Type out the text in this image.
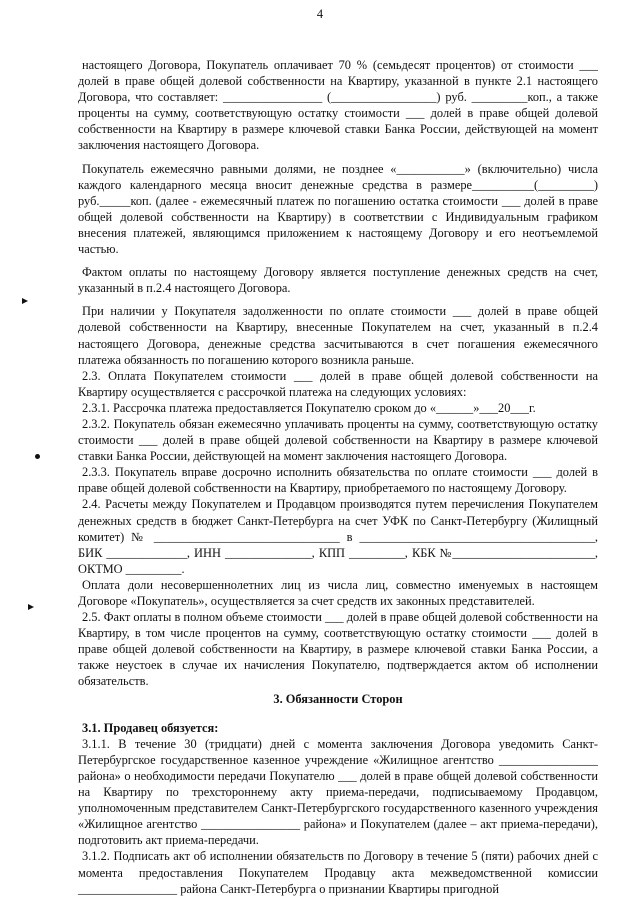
4

настоящего Договора, Покупатель оплачивает 70 % (семьдесят процентов) от стоимости ___ долей в праве общей долевой собственности на Квартиру, указанной в пункте 2.1 настоящего Договора, что составляет: ________________ (_________________) руб. _________коп., а также проценты на сумму, соответствующую остатку стоимости ___ долей в праве общей долевой собственности на Квартиру в размере ключевой ставки Банка России, действующей на момент заключения настоящего Договора.

Покупатель ежемесячно равными долями, не позднее «___________» (включительно) числа каждого календарного месяца вносит денежные средства в размере__________(_________) руб._____коп. (далее - ежемесячный платеж по погашению остатка стоимости ___ долей в праве общей долевой собственности на Квартиру) в соответствии с Индивидуальным графиком внесения платежей, являющимся приложением к настоящему Договору и его неотъемлемой частью.

Фактом оплаты по настоящему Договору является поступление денежных средств на счет, указанный в п.2.4 настоящего Договора.

При наличии у Покупателя задолженности по оплате стоимости ___ долей в праве общей долевой собственности на Квартиру, внесенные Покупателем на счет, указанный в п.2.4 настоящего Договора, денежные средства засчитываются в счет погашения ежемесячного платежа обязанность по погашению которого возникла раньше.

2.3. Оплата Покупателем стоимости ___ долей в праве общей долевой собственности на Квартиру осуществляется с рассрочкой платежа на следующих условиях:

2.3.1. Рассрочка платежа предоставляется Покупателю сроком до «______»___20___г.

2.3.2. Покупатель обязан ежемесячно уплачивать проценты на сумму, соответствующую остатку стоимости ___ долей в праве общей долевой собственности на Квартиру в размере ключевой ставки Банка России, действующей на момент заключения настоящего Договора.

2.3.3. Покупатель вправе досрочно исполнить обязательства по оплате стоимости ___ долей в праве общей долевой собственности на Квартиру, приобретаемого по настоящему Договору.

2.4. Расчеты между Покупателем и Продавцом производятся путем перечисления Покупателем денежных средств в бюджет Санкт-Петербурга на счет УФК по Санкт-Петербургу (Жилищный комитет) № ______________________________ в ______________________________________, БИК _____________, ИНН ______________, КПП _________, КБК №_______________________, ОКТМО _________.

Оплата доли несовершеннолетних лиц из числа лиц, совместно именуемых в настоящем Договоре «Покупатель», осуществляется за счет средств их законных представителей.

2.5. Факт оплаты в полном объеме стоимости ___ долей в праве общей долевой собственности на Квартиру, в том числе процентов на сумму, соответствующую остатку стоимости ___ долей в праве общей долевой собственности на Квартиру, в размере ключевой ставки Банка России, а также неустоек в случае их начисления Покупателю, подтверждается актом об исполнении обязательств.

3. Обязанности Сторон

3.1. Продавец обязуется:

3.1.1. В течение 30 (тридцати) дней с момента заключения Договора уведомить Санкт-Петербургское государственное казенное учреждение «Жилищное агентство ________________ района» о необходимости передачи Покупателю ___ долей в праве общей долевой собственности на Квартиру по трехстороннему акту приема-передачи, подписываемому Продавцом, уполномоченным представителем Санкт-Петербургского государственного казенного учреждения «Жилищное агентство ________________ района» и Покупателем (далее – акт приема-передачи), подготовить акт приема-передачи.

3.1.2. Подписать акт об исполнении обязательств по Договору в течение 5 (пяти) рабочих дней с момента предоставления Покупателем Продавцу акта межведомственной комиссии ________________ района Санкт-Петербурга о признании Квартиры пригодной
